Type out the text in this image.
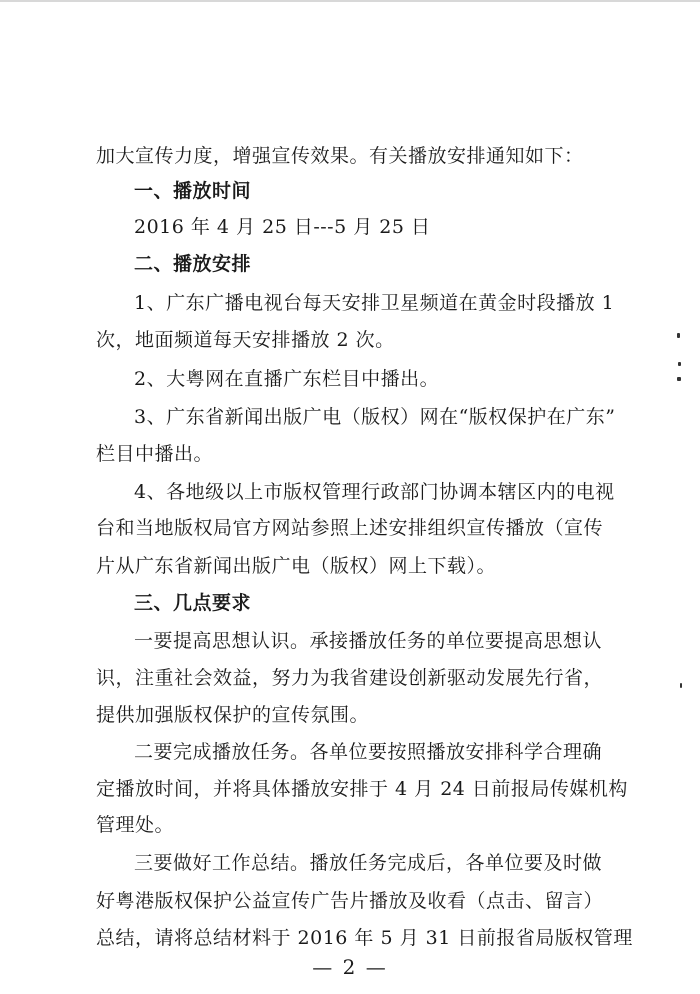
加大宣传力度，增强宣传效果。有关播放安排通知如下：
一、播放时间
2016 年 4 月 25 日---5 月 25 日
二、播放安排
1、广东广播电视台每天安排卫星频道在黄金时段播放 1
次，地面频道每天安排播放 2 次。
2、大粤网在直播广东栏目中播出。
3、广东省新闻出版广电（版权）网在“版权保护在广东”
栏目中播出。
4、各地级以上市版权管理行政部门协调本辖区内的电视
台和当地版权局官方网站参照上述安排组织宣传播放（宣传
片从广东省新闻出版广电（版权）网上下载）。
三、几点要求
一要提高思想认识。承接播放任务的单位要提高思想认
识，注重社会效益，努力为我省建设创新驱动发展先行省，
提供加强版权保护的宣传氛围。
二要完成播放任务。各单位要按照播放安排科学合理确
定播放时间，并将具体播放安排于 4 月 24 日前报局传媒机构
管理处。
三要做好工作总结。播放任务完成后，各单位要及时做
好粤港版权保护公益宣传广告片播放及收看（点击、留言）
总结，请将总结材料于 2016 年 5 月 31 日前报省局版权管理
— 2 —
